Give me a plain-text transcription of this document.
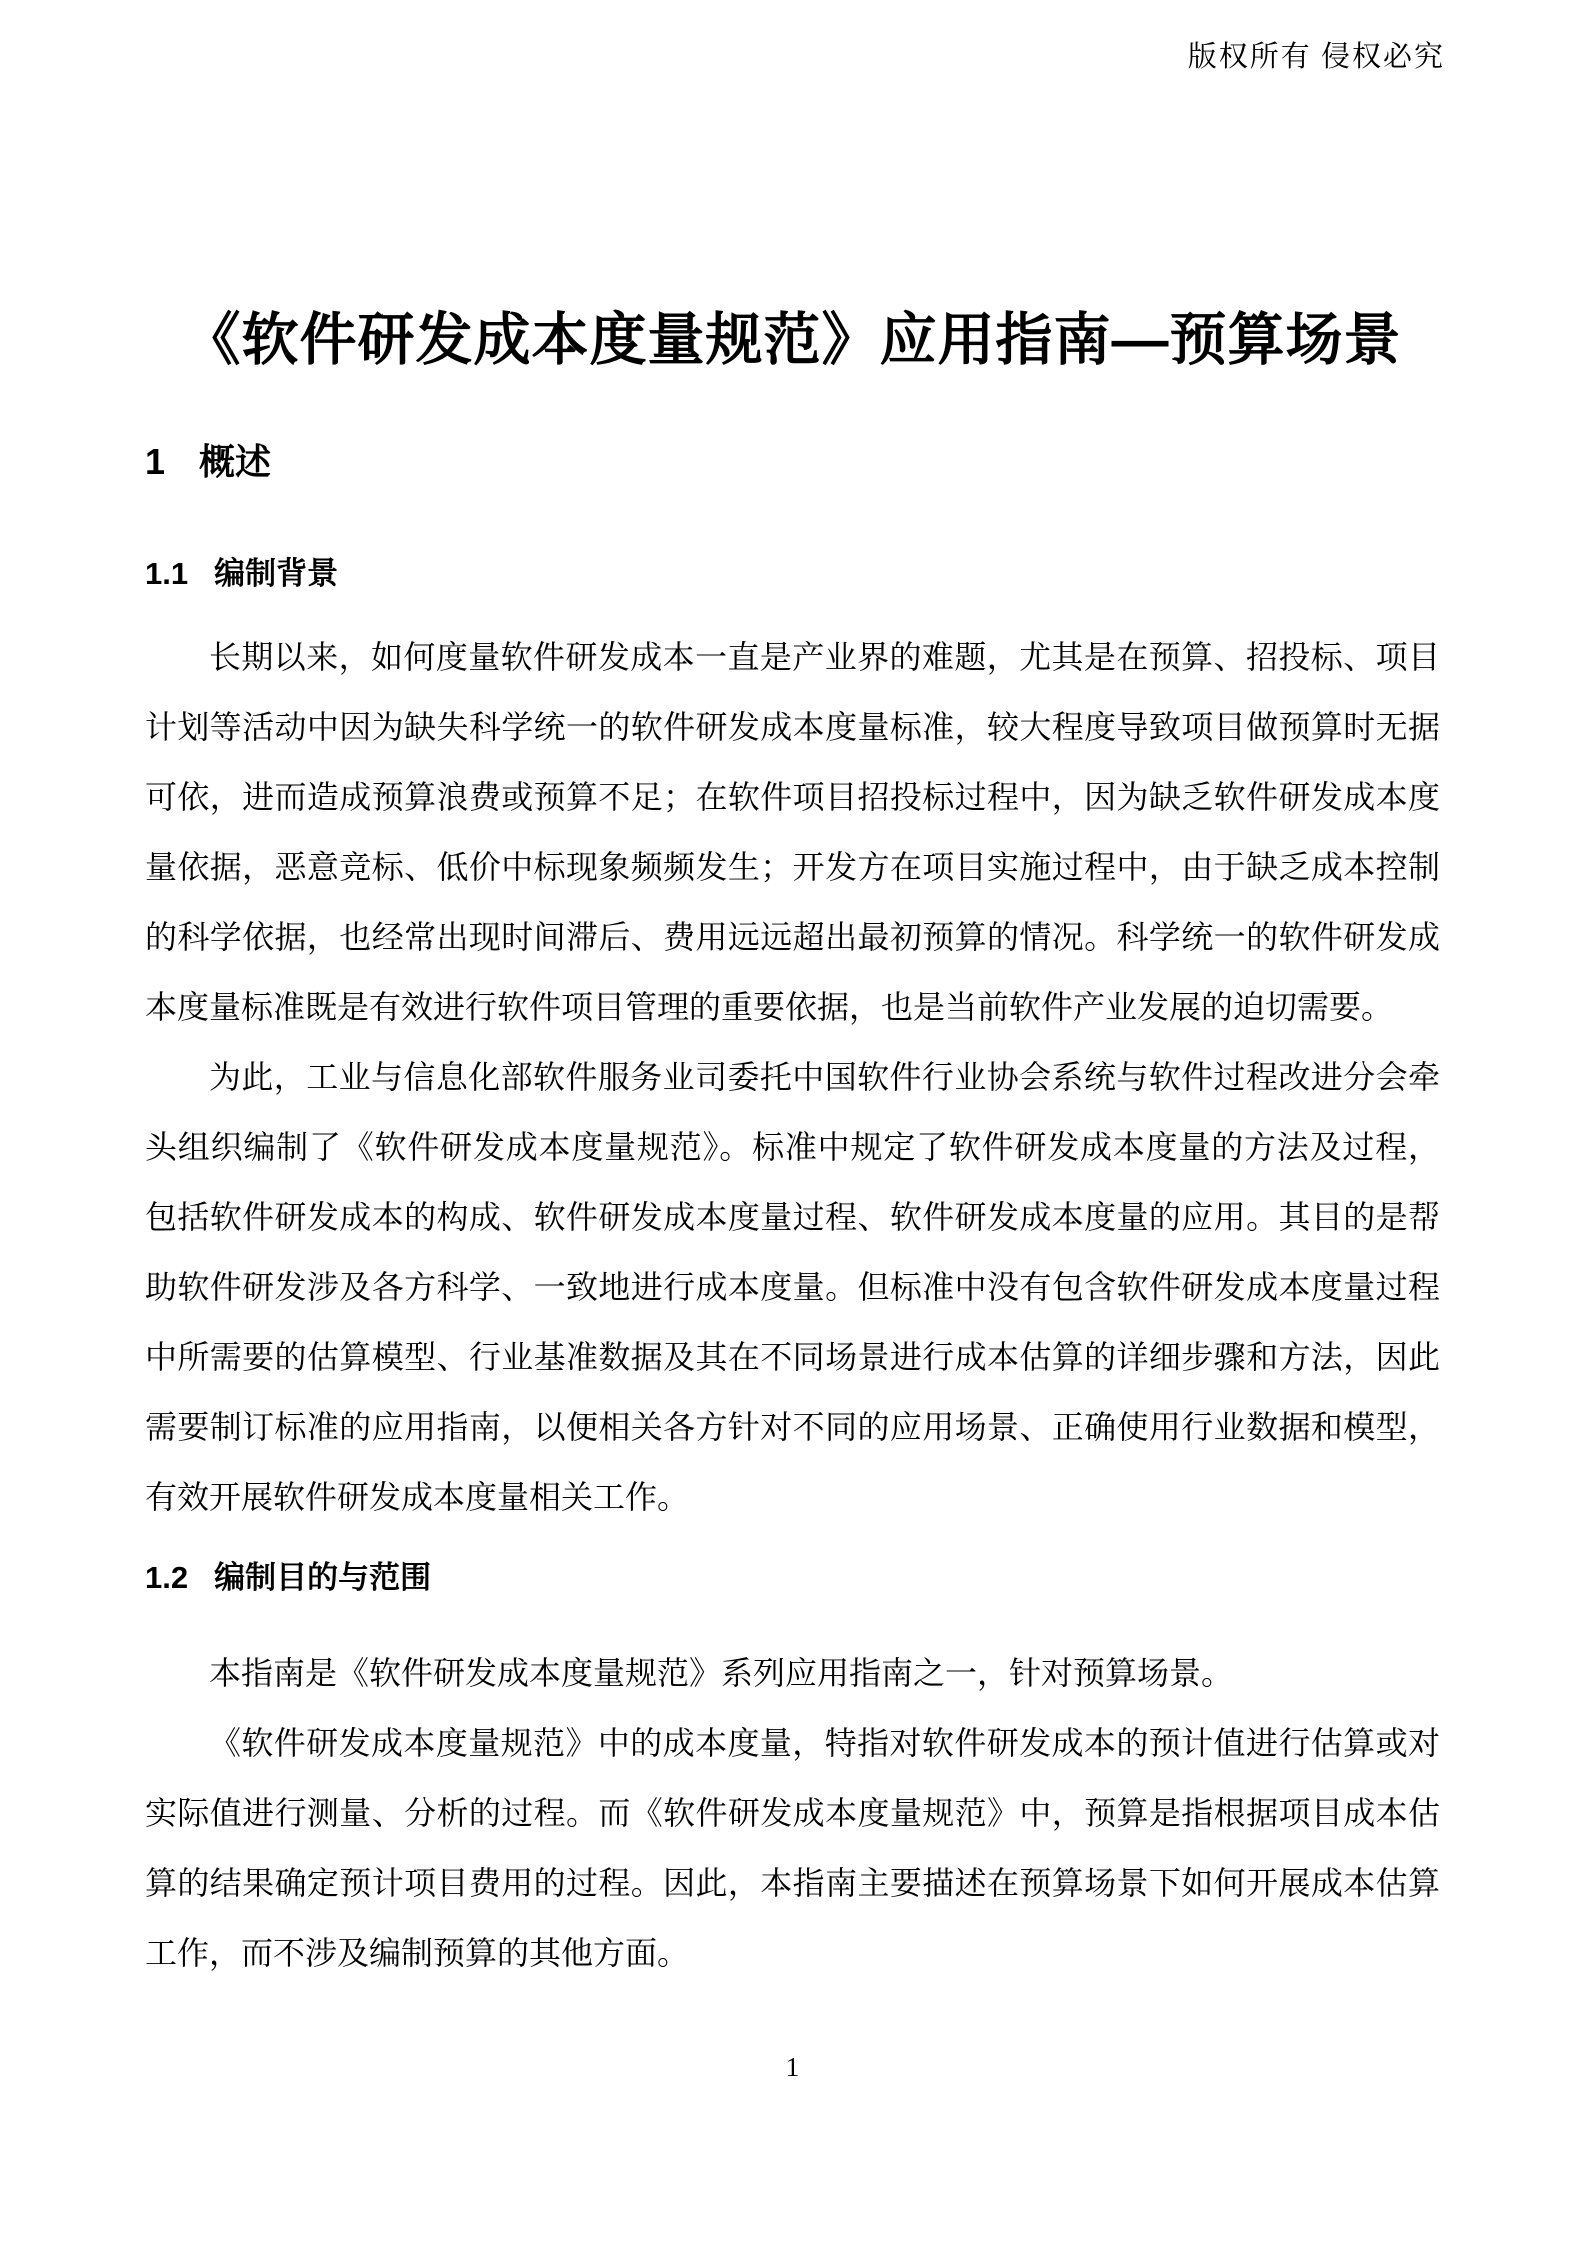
版权所有 侵权必究
《软件研发成本度量规范》应用指南—预算场景
1 概述
1.1 编制背景

长期以来，如何度量软件研发成本一直是产业界的难题，尤其是在预算、招投标、项目计划等活动中因为缺失科学统一的软件研发成本度量标准，较大程度导致项目做预算时无据可依，进而造成预算浪费或预算不足；在软件项目招投标过程中，因为缺乏软件研发成本度量依据，恶意竞标、低价中标现象频频发生；开发方在项目实施过程中，由于缺乏成本控制的科学依据，也经常出现时间滞后、费用远远超出最初预算的情况。科学统一的软件研发成本度量标准既是有效进行软件项目管理的重要依据，也是当前软件产业发展的迫切需要。

为此，工业与信息化部软件服务业司委托中国软件行业协会系统与软件过程改进分会牵头组织编制了《软件研发成本度量规范》。标准中规定了软件研发成本度量的方法及过程，包括软件研发成本的构成、软件研发成本度量过程、软件研发成本度量的应用。其目的是帮助软件研发涉及各方科学、一致地进行成本度量。但标准中没有包含软件研发成本度量过程中所需要的估算模型、行业基准数据及其在不同场景进行成本估算的详细步骤和方法，因此需要制订标准的应用指南，以便相关各方针对不同的应用场景、正确使用行业数据和模型，有效开展软件研发成本度量相关工作。

1.2 编制目的与范围

本指南是《软件研发成本度量规范》系列应用指南之一，针对预算场景。

《软件研发成本度量规范》中的成本度量，特指对软件研发成本的预计值进行估算或对实际值进行测量、分析的过程。而《软件研发成本度量规范》中，预算是指根据项目成本估算的结果确定预计项目费用的过程。因此，本指南主要描述在预算场景下如何开展成本估算工作，而不涉及编制预算的其他方面。

1
